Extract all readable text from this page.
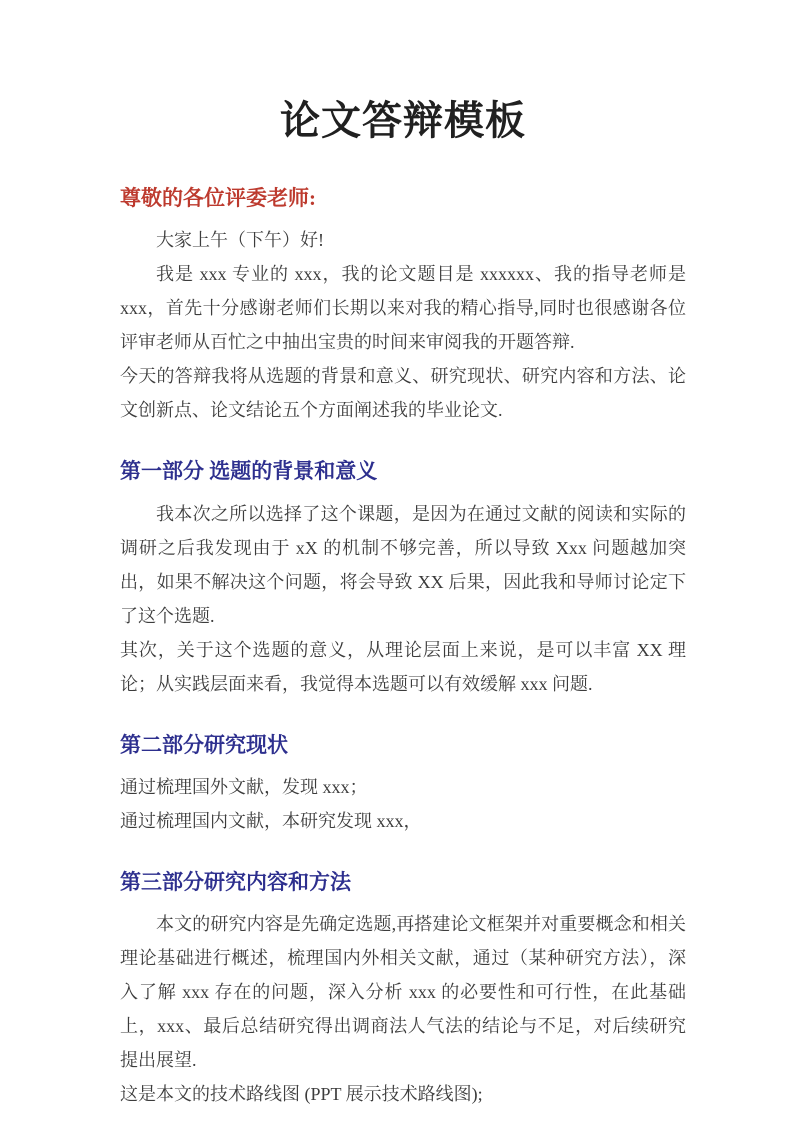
论文答辩模板

尊敬的各位评委老师:

大家上午（下午）好!

我是 xxx 专业的 xxx，我的论文题目是 xxxxxx、我的指导老师是 xxx，首先十分感谢老师们长期以来对我的精心指导,同时也很感谢各位评审老师从百忙之中抽出宝贵的时间来审阅我的开题答辩.

今天的答辩我将从选题的背景和意义、研究现状、研究内容和方法、论文创新点、论文结论五个方面阐述我的毕业论文.

第一部分 选题的背景和意义

我本次之所以选择了这个课题，是因为在通过文献的阅读和实际的调研之后我发现由于 xX 的机制不够完善，所以导致 Xxx 问题越加突出，如果不解决这个问题，将会导致 XX 后果，因此我和导师讨论定下了这个选题.

其次，关于这个选题的意义，从理论层面上来说，是可以丰富 XX 理论；从实践层面来看，我觉得本选题可以有效缓解 xxx 问题.

第二部分研究现状

通过梳理国外文献，发现 xxx；

通过梳理国内文献，本研究发现 xxx，

第三部分研究内容和方法

本文的研究内容是先确定选题,再搭建论文框架并对重要概念和相关理论基础进行概述，梳理国内外相关文献，通过（某种研究方法），深入了解 xxx 存在的问题，深入分析 xxx 的必要性和可行性，在此基础上，xxx、最后总结研究得出调商法人气法的结论与不足，对后续研究提出展望.

这是本文的技术路线图 (PPT 展示技术路线图);
